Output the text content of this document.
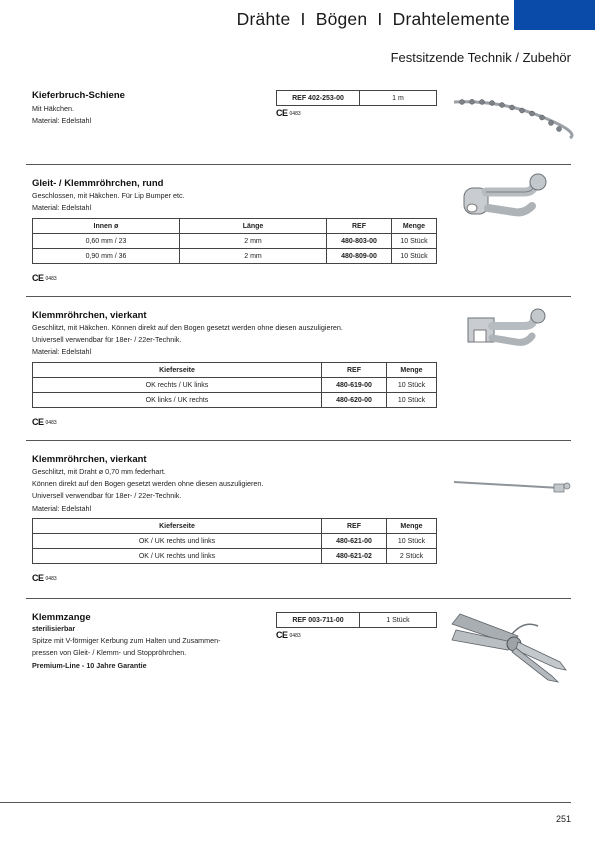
Drähte  I  Bögen  I  Drahtelemente
Festsitzende Technik / Zubehör
Kieferbruch-Schiene
Mit Häkchen.
Material: Edelstahl
REF 402-253-00	1 m
CE 0483
Gleit- / Klemmröhrchen, rund
Geschlossen, mit Häkchen. Für Lip Bumper etc.
Material: Edelstahl
Innen ø	Länge	REF	Menge
0,60 mm / 23	2 mm	480-803-00	10 Stück
0,90 mm / 36	2 mm	480-809-00	10 Stück
CE 0483
Klemmröhrchen, vierkant
Geschlitzt, mit Häkchen. Können direkt auf den Bogen gesetzt werden ohne diesen auszuligieren.
Universell verwendbar für 18er- / 22er-Technik.
Material: Edelstahl
Kieferseite	REF	Menge
OK rechts / UK links	480-619-00	10 Stück
OK links / UK rechts	480-620-00	10 Stück
CE 0483
Klemmröhrchen, vierkant
Geschlitzt, mit Draht ø 0,70 mm federhart.
Können direkt auf den Bogen gesetzt werden ohne diesen auszuligieren.
Universell verwendbar für 18er- / 22er-Technik.
Material: Edelstahl
Kieferseite	REF	Menge
OK / UK rechts und links	480-621-00	10 Stück
OK / UK rechts und links	480-621-02	2 Stück
CE 0483
Klemmzange
sterilisierbar
Spitze mit V-förmiger Kerbung zum Halten und Zusammen-
pressen von Gleit- / Klemm- und Stoppröhrchen.
Premium-Line - 10 Jahre Garantie
REF 003-711-00	1 Stück
CE 0483
251
